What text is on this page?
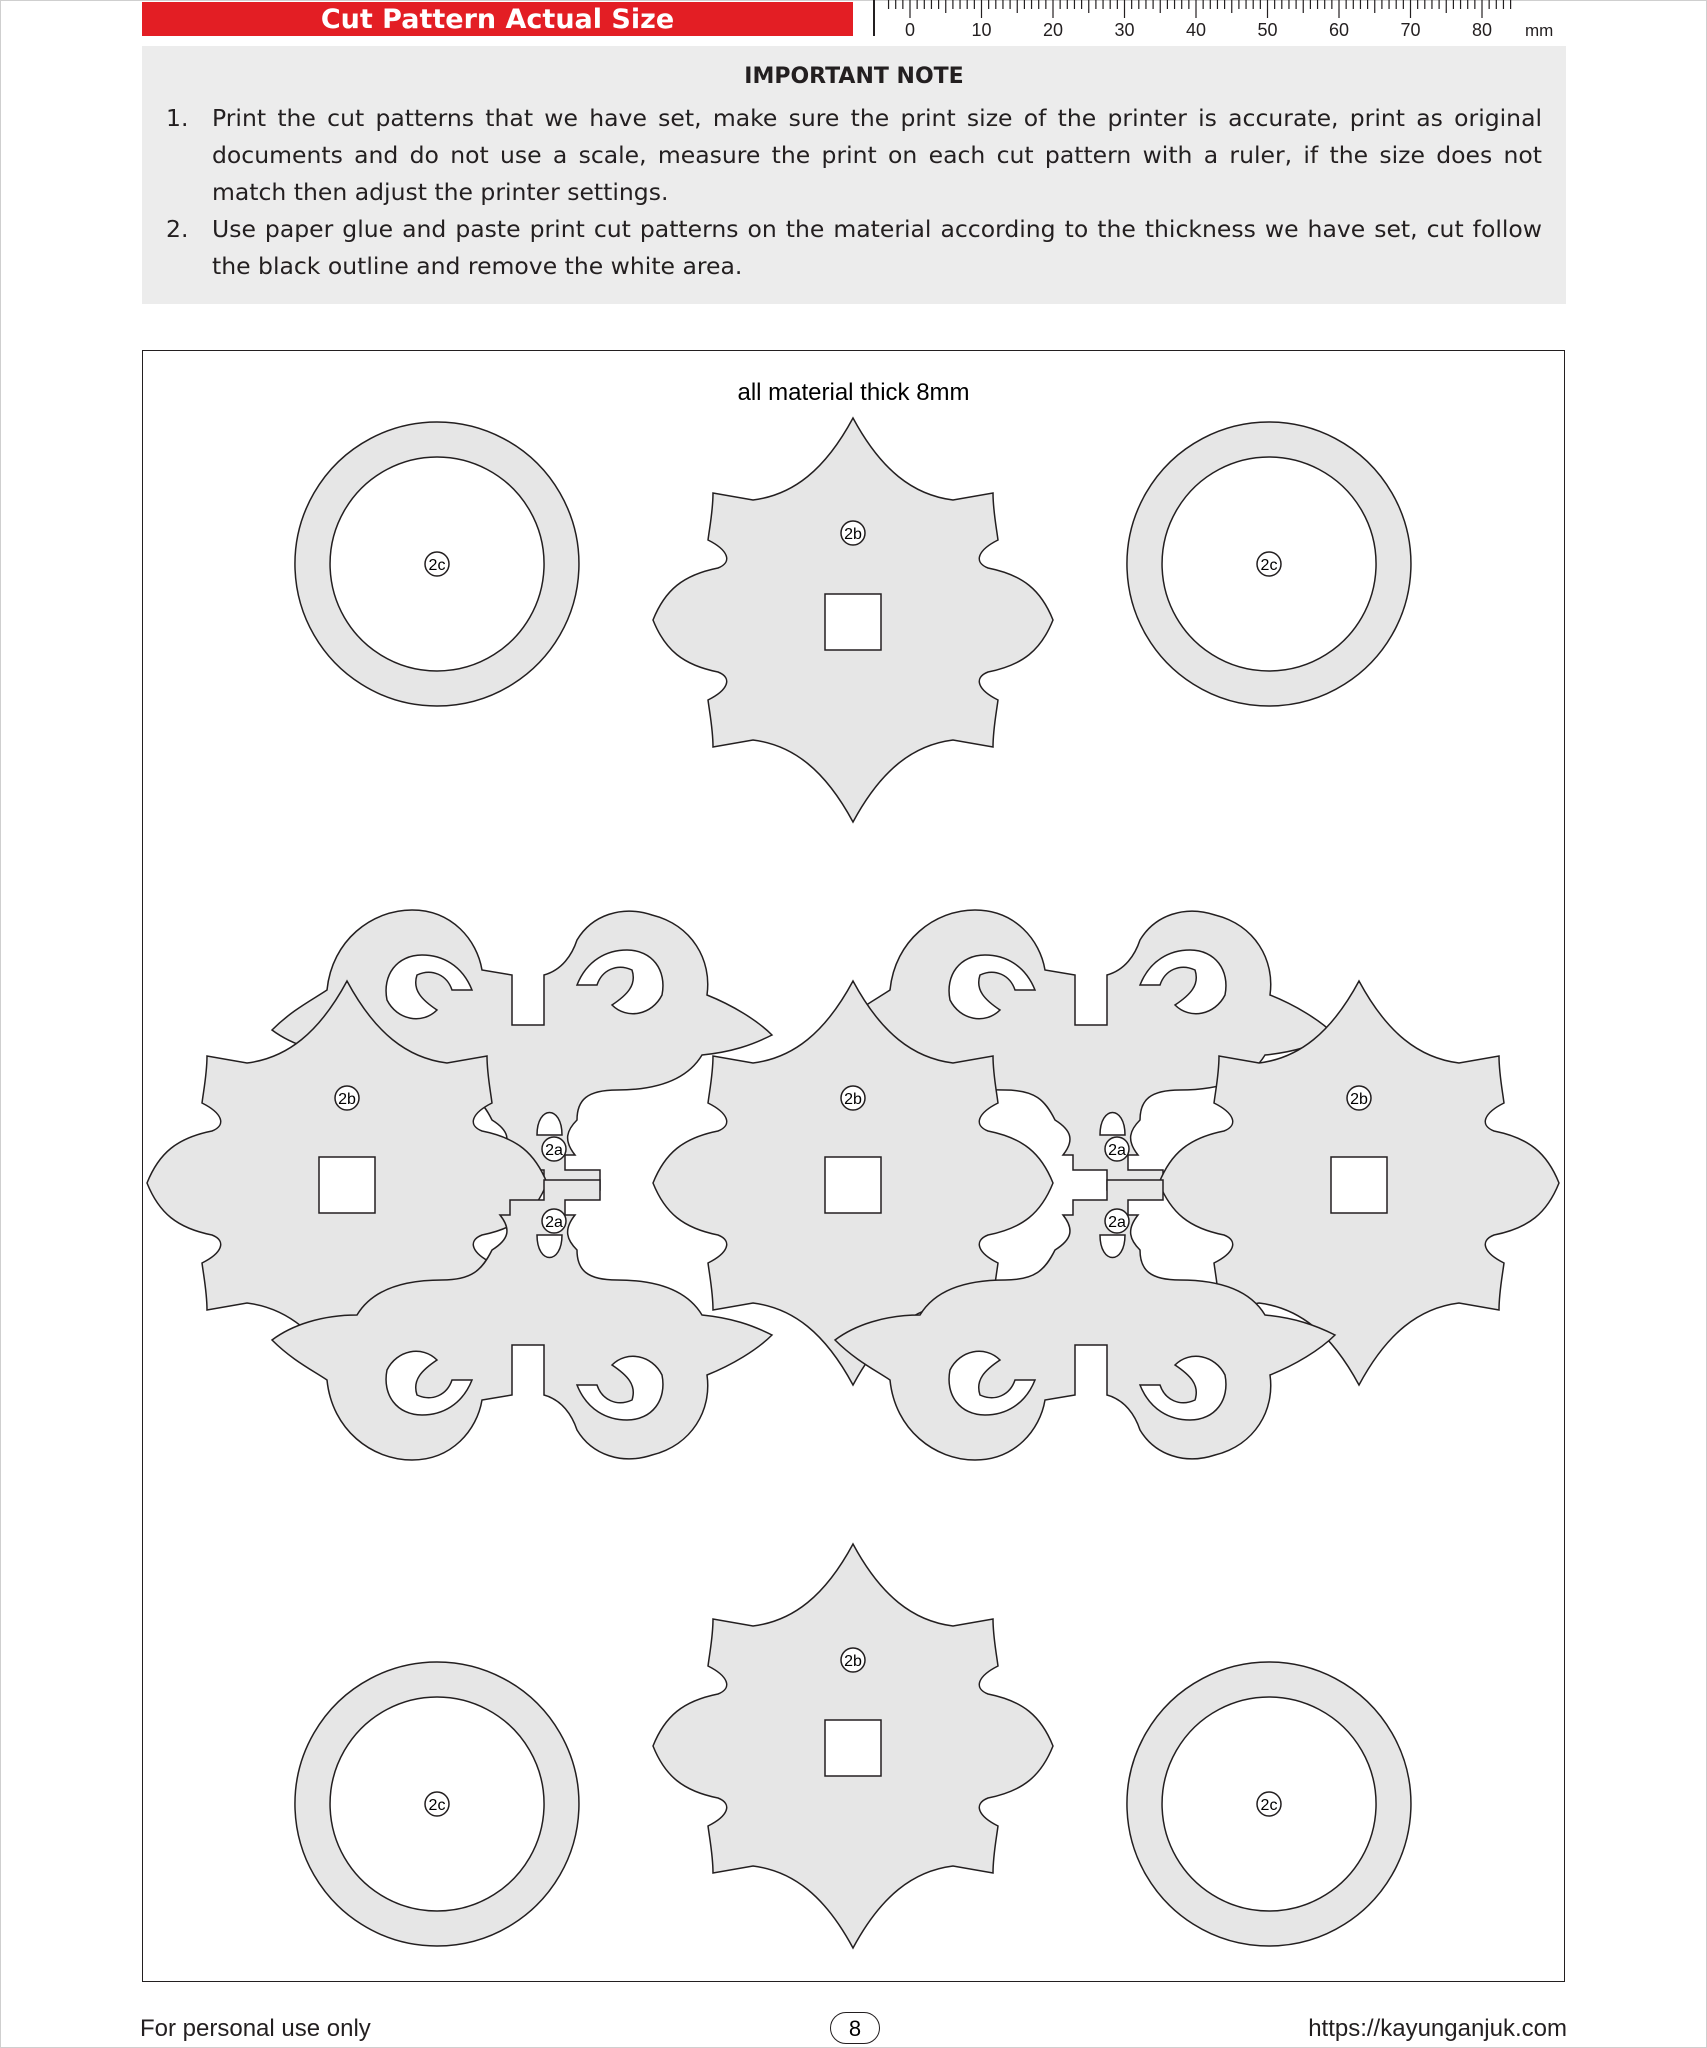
Cut Pattern Actual Size	0	10	20	30	40	50	60	70	80 mm
IMPORTANT NOTE
1. Print the cut patterns that we have set, make sure the print size of the printer is accurate, print as original documents and do not use a scale, measure the print on each cut pattern with a ruler, if the size does not match then adjust the printer settings.
2. Use paper glue and paste print cut patterns on the material according to the thickness we have set, cut follow the black outline and remove the white area.
all material thick 8mm
2c
2b
2c
2a	2a
2b	2b	2b
2a	2a
2c
2b
2c
For personal use only	8	https://kayunganjuk.com
